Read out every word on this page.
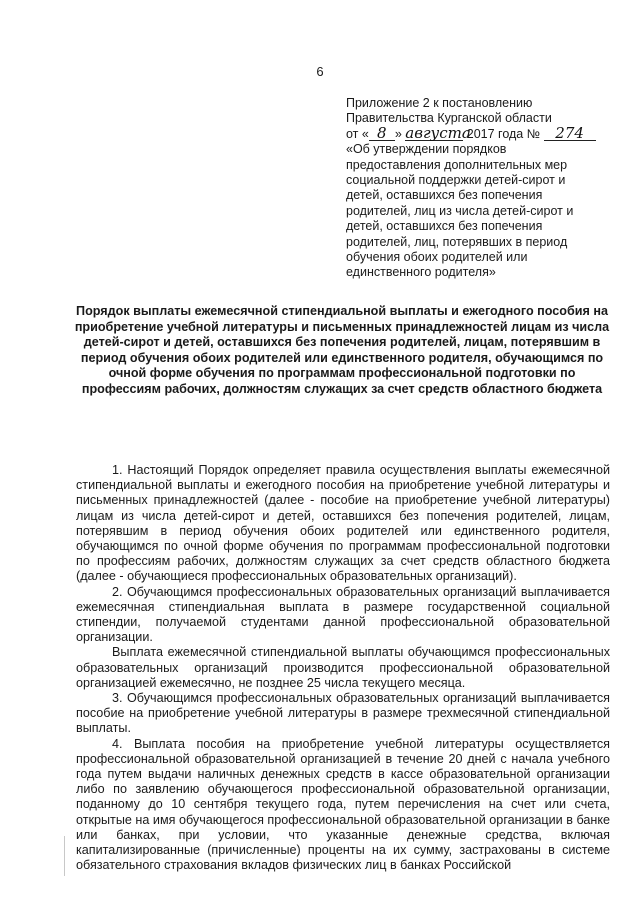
6
Приложение 2 к постановлению
Правительства Курганской области
от « 8 » августа 2017 года № 274
«Об утверждении порядков
предоставления дополнительных мер
социальной поддержки детей-сирот и
детей, оставшихся без попечения
родителей, лиц из числа детей-сирот и
детей, оставшихся без попечения
родителей, лиц, потерявших в период
обучения обоих родителей или
единственного родителя»
Порядок выплаты ежемесячной стипендиальной выплаты и ежегодного пособия на приобретение учебной литературы и письменных принадлежностей лицам из числа детей-сирот и детей, оставшихся без попечения родителей, лицам, потерявшим в период обучения обоих родителей или единственного родителя, обучающимся по очной форме обучения по программам профессиональной подготовки по профессиям рабочих, должностям служащих за счет средств областного бюджета

1. Настоящий Порядок определяет правила осуществления выплаты ежемесячной стипендиальной выплаты и ежегодного пособия на приобретение учебной литературы и письменных принадлежностей (далее - пособие на приобретение учебной литературы) лицам из числа детей-сирот и детей, оставшихся без попечения родителей, лицам, потерявшим в период обучения обоих родителей или единственного родителя, обучающимся по очной форме обучения по программам профессиональной подготовки по профессиям рабочих, должностям служащих за счет средств областного бюджета (далее - обучающиеся профессиональных образовательных организаций).

2. Обучающимся профессиональных образовательных организаций выплачивается ежемесячная стипендиальная выплата в размере государственной социальной стипендии, получаемой студентами данной профессиональной образовательной организации.

Выплата ежемесячной стипендиальной выплаты обучающимся профессиональных образовательных организаций производится профессиональной образовательной организацией ежемесячно, не позднее 25 числа текущего месяца.

3. Обучающимся профессиональных образовательных организаций выплачивается пособие на приобретение учебной литературы в размере трехмесячной стипендиальной выплаты.

4. Выплата пособия на приобретение учебной литературы осуществляется профессиональной образовательной организацией в течение 20 дней с начала учебного года путем выдачи наличных денежных средств в кассе образовательной организации либо по заявлению обучающегося профессиональной образовательной организации, поданному до 10 сентября текущего года, путем перечисления на счет или счета, открытые на имя обучающегося профессиональной образовательной организации в банке или банках, при условии, что указанные денежные средства, включая капитализированные (причисленные) проценты на их сумму, застрахованы в системе обязательного страхования вкладов физических лиц в банках Российской
